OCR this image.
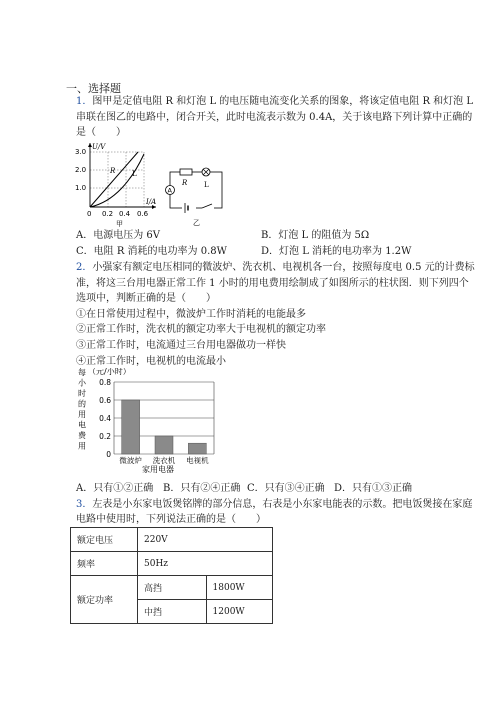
一、选择题
1．图甲是定值电阻 R 和灯泡 L 的电压随电流变化关系的图象，将该定值电阻 R 和灯泡 L
串联在图乙的电路中，闭合开关，此时电流表示数为 0.4A，关于该电路下列计算中正确的
是（　　）
U/V
I/A
3.0
2.0
1.0
0 0.2 0.4 0.6
R L
甲
R L
A
乙
A．电源电压为 6V	B．灯泡 L 的阻值为 5Ω
C．电阻 R 消耗的电功率为 0.8W	D．灯泡 L 消耗的电功率为 1.2W
2．小强家有额定电压相同的微波炉、洗衣机、电视机各一台，按照每度电 0.5 元的计费标
准，将这三台用电器正常工作 1 小时的用电费用绘制成了如图所示的柱状图．则下列四个
选项中，判断正确的是（　　）
①在日常使用过程中，微波炉工作时消耗的电能最多
②正常工作时，洗衣机的额定功率大于电视机的额定功率
③正常工作时，电流通过三台用电器做功一样快
④正常工作时，电视机的电流最小
0
0.2
0.4
0.6
0.8
微波炉 洗衣机 电视机
（元/小时）
每
小
时
的
用
电
费
用
家用电器
A．只有①②正确 B．只有②④正确 C．只有③④正确 D．只有①③正确
3．左表是小东家电饭煲铭牌的部分信息，右表是小东家电能表的示数。把电饭煲接在家庭
电路中使用时，下列说法正确的是（　　）
额定电压	220V	
频率	50Hz	
额定功率	高挡	1800W
	中挡	1200W
